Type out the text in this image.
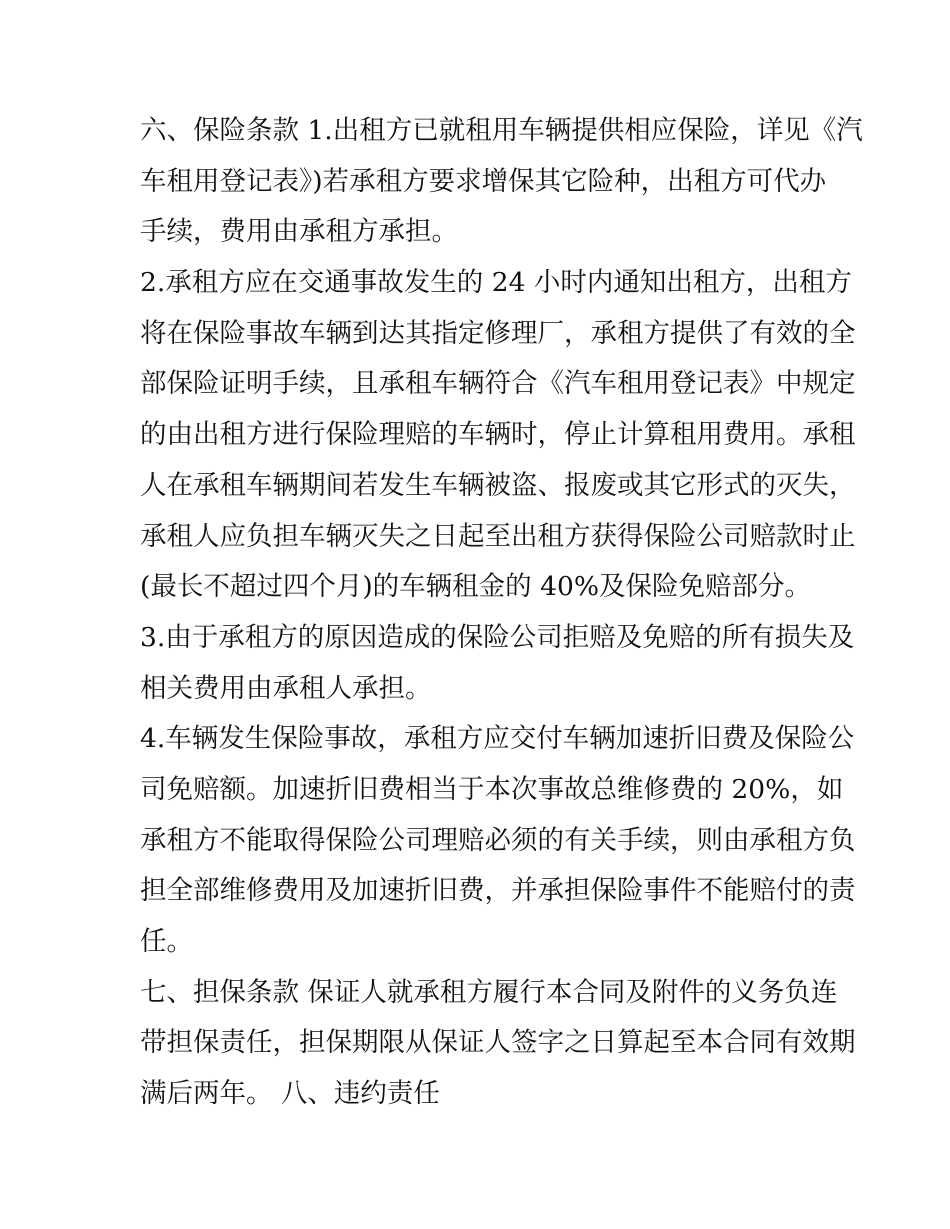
六、保险条款 1.出租方已就租用车辆提供相应保险，详见《汽
车租用登记表》)若承租方要求增保其它险种，出租方可代办
手续，费用由承租方承担。
2.承租方应在交通事故发生的 24 小时内通知出租方，出租方
将在保险事故车辆到达其指定修理厂，承租方提供了有效的全
部保险证明手续，且承租车辆符合《汽车租用登记表》中规定
的由出租方进行保险理赔的车辆时，停止计算租用费用。承租
人在承租车辆期间若发生车辆被盗、报废或其它形式的灭失，
承租人应负担车辆灭失之日起至出租方获得保险公司赔款时止
(最长不超过四个月)的车辆租金的 40%及保险免赔部分。
3.由于承租方的原因造成的保险公司拒赔及免赔的所有损失及
相关费用由承租人承担。
4.车辆发生保险事故，承租方应交付车辆加速折旧费及保险公
司免赔额。加速折旧费相当于本次事故总维修费的 20%，如
承租方不能取得保险公司理赔必须的有关手续，则由承租方负
担全部维修费用及加速折旧费，并承担保险事件不能赔付的责
任。
七、担保条款 保证人就承租方履行本合同及附件的义务负连
带担保责任，担保期限从保证人签字之日算起至本合同有效期
满后两年。 八、违约责任
